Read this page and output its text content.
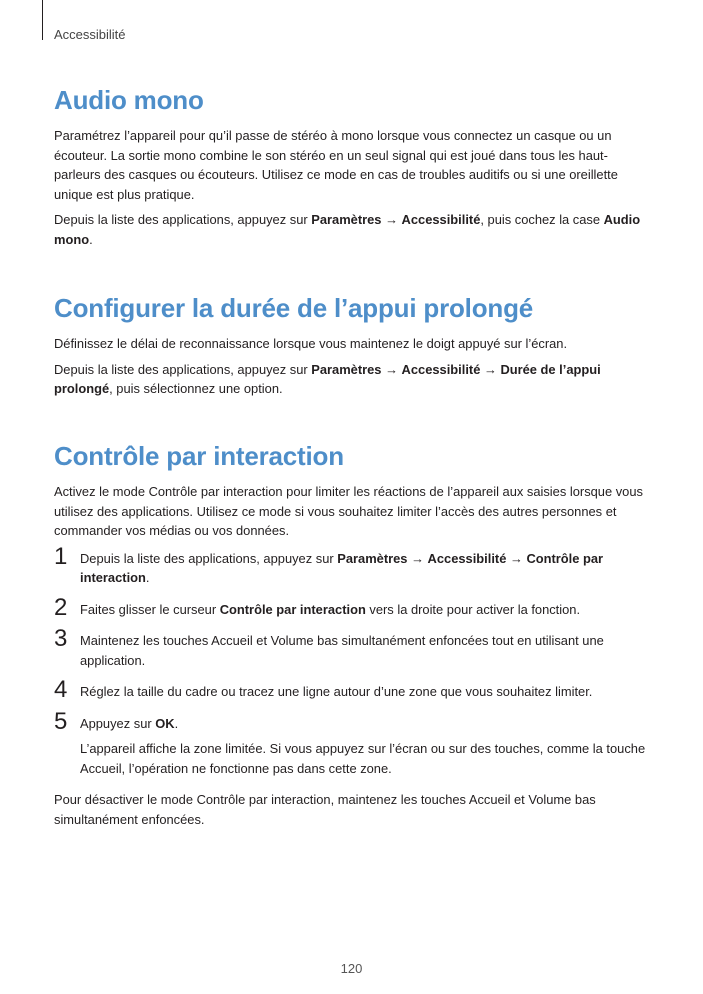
Accessibilité
Audio mono

Paramétrez l’appareil pour qu’il passe de stéréo à mono lorsque vous connectez un casque ou un écouteur. La sortie mono combine le son stéréo en un seul signal qui est joué dans tous les haut-parleurs des casques ou écouteurs. Utilisez ce mode en cas de troubles auditifs ou si une oreillette unique est plus pratique.

Depuis la liste des applications, appuyez sur Paramètres → Accessibilité, puis cochez la case Audio mono.

Configurer la durée de l’appui prolongé

Définissez le délai de reconnaissance lorsque vous maintenez le doigt appuyé sur l’écran.

Depuis la liste des applications, appuyez sur Paramètres → Accessibilité → Durée de l’appui prolongé, puis sélectionnez une option.

Contrôle par interaction

Activez le mode Contrôle par interaction pour limiter les réactions de l’appareil aux saisies lorsque vous utilisez des applications. Utilisez ce mode si vous souhaitez limiter l’accès des autres personnes et commander vos médias ou vos données.

1 Depuis la liste des applications, appuyez sur Paramètres → Accessibilité → Contrôle par interaction.

2 Faites glisser le curseur Contrôle par interaction vers la droite pour activer la fonction.

3 Maintenez les touches Accueil et Volume bas simultanément enfoncées tout en utilisant une application.

4 Réglez la taille du cadre ou tracez une ligne autour d’une zone que vous souhaitez limiter.

5 Appuyez sur OK.

L’appareil affiche la zone limitée. Si vous appuyez sur l’écran ou sur des touches, comme la touche Accueil, l’opération ne fonctionne pas dans cette zone.

Pour désactiver le mode Contrôle par interaction, maintenez les touches Accueil et Volume bas simultanément enfoncées.

120
